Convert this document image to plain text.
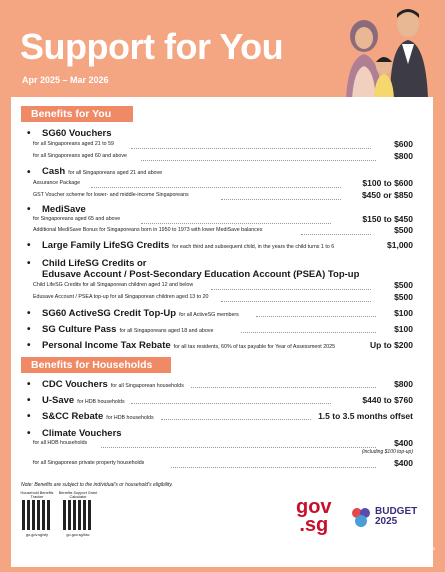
Support for You
Apr 2025 – Mar 2026
Benefits for You
• SG60 Vouchers
for all Singaporeans aged 21 to 59	$600
for all Singaporeans aged 60 and above	$800
• Cash for all Singaporeans aged 21 and above
Assurance Package	$100 to $600
GST Voucher scheme for lower- and middle-income Singaporeans	$450 or $850
• MediSave
for Singaporeans aged 65 and above	$150 to $450
Additional MediSave Bonus for Singaporeans born in 1950 to 1973 with lower MediSave balances	$500
• Large Family LifeSG Credits for each third and subsequent child, in the years the child turns 1 to 6	$1,000
• Child LifeSG Credits or
Edusave Account / Post-Secondary Education Account (PSEA) Top-up
Child LifeSG Credits for all Singaporean children aged 12 and below	$500
Edusave Account / PSEA top-up for all Singaporean children aged 13 to 20	$500
• SG60 ActiveSG Credit Top-Up for all ActiveSG members	$100
• SG Culture Pass for all Singaporeans aged 18 and above	$100
• Personal Income Tax Rebate for all tax residents, 60% of tax payable for Year of Assessment 2025	Up to $200
Benefits for Households
• CDC Vouchers for all Singaporean households	$800
• U-Save for HDB households	$440 to $760
• S&CC Rebate for HDB households	1.5 to 3.5 months offset
• Climate Vouchers
for all HDB households	$400
(including $100 top-up)
for all Singaporean private property households	$400
Note: Benefits are subject to the individual's or household's eligibility.
Household Benefits Tracker
go.gov.sg/sfy
Benefits Support Grant Calculator
go.gov.sg/bsc
gov
.sg
BUDGET
2025
Updated as at Apr 2025
